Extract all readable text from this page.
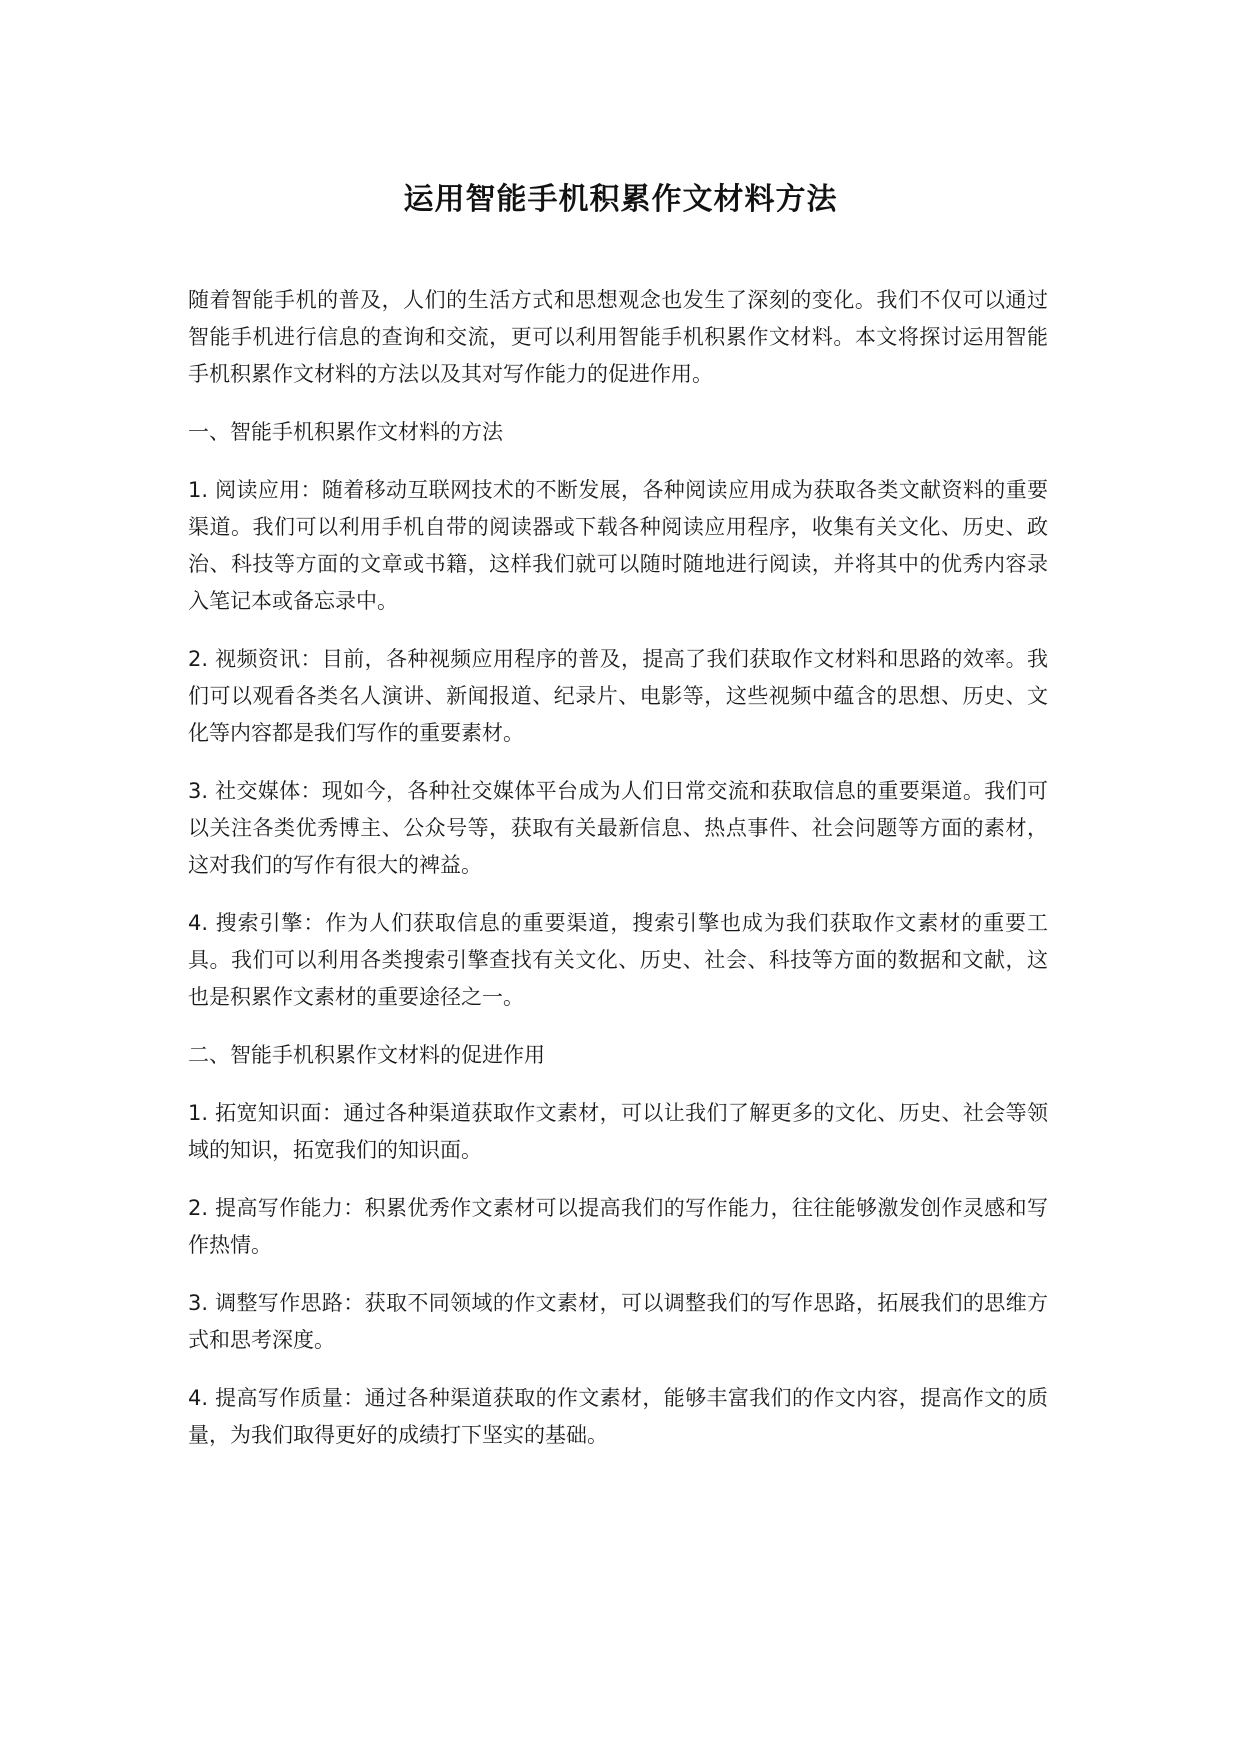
运用智能手机积累作文材料方法

随着智能手机的普及，人们的生活方式和思想观念也发生了深刻的变化。我们不仅可以通过智能手机进行信息的查询和交流，更可以利用智能手机积累作文材料。本文将探讨运用智能手机积累作文材料的方法以及其对写作能力的促进作用。

一、智能手机积累作文材料的方法

1. 阅读应用：随着移动互联网技术的不断发展，各种阅读应用成为获取各类文献资料的重要渠道。我们可以利用手机自带的阅读器或下载各种阅读应用程序，收集有关文化、历史、政治、科技等方面的文章或书籍，这样我们就可以随时随地进行阅读，并将其中的优秀内容录入笔记本或备忘录中。

2. 视频资讯：目前，各种视频应用程序的普及，提高了我们获取作文材料和思路的效率。我们可以观看各类名人演讲、新闻报道、纪录片、电影等，这些视频中蕴含的思想、历史、文化等内容都是我们写作的重要素材。

3. 社交媒体：现如今，各种社交媒体平台成为人们日常交流和获取信息的重要渠道。我们可以关注各类优秀博主、公众号等，获取有关最新信息、热点事件、社会问题等方面的素材，这对我们的写作有很大的裨益。

4. 搜索引擎：作为人们获取信息的重要渠道，搜索引擎也成为我们获取作文素材的重要工具。我们可以利用各类搜索引擎查找有关文化、历史、社会、科技等方面的数据和文献，这也是积累作文素材的重要途径之一。

二、智能手机积累作文材料的促进作用

1. 拓宽知识面：通过各种渠道获取作文素材，可以让我们了解更多的文化、历史、社会等领域的知识，拓宽我们的知识面。

2. 提高写作能力：积累优秀作文素材可以提高我们的写作能力，往往能够激发创作灵感和写作热情。

3. 调整写作思路：获取不同领域的作文素材，可以调整我们的写作思路，拓展我们的思维方式和思考深度。

4. 提高写作质量：通过各种渠道获取的作文素材，能够丰富我们的作文内容，提高作文的质量，为我们取得更好的成绩打下坚实的基础。
